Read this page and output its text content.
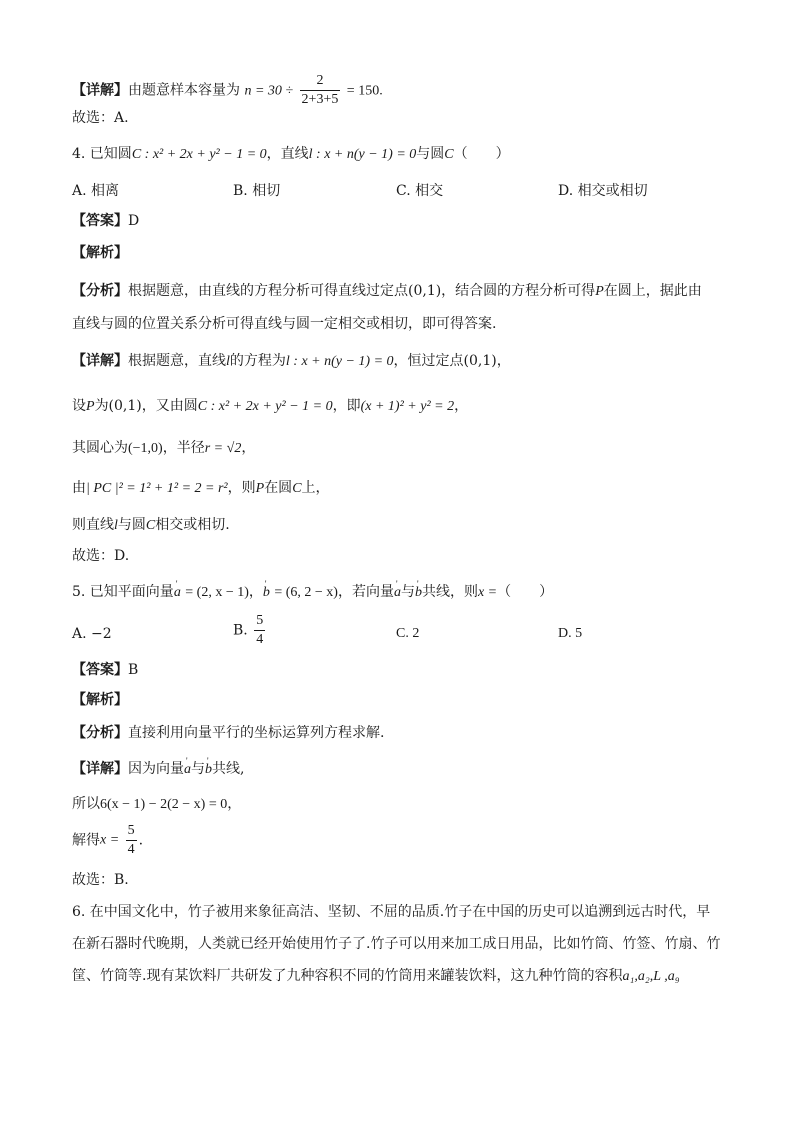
【详解】由题意样本容量为 $n = 30 \div \frac{2}{2+3+5} = 150$.
故选：A.
4. 已知圆C : x² + 2x + y² − 1 = 0，直线l : x + n(y − 1) = 0与圆C（　　）
A. 相离	B. 相切	C. 相交	D. 相交或相切
【答案】D
【解析】
【分析】根据题意，由直线的方程分析可得直线过定点(0,1)，结合圆的方程分析可得P在圆上，据此由
直线与圆的位置关系分析可得直线与圆一定相交或相切，即可得答案.
【详解】根据题意，直线l的方程为l : x + n(y − 1) = 0，恒过定点(0,1)，
设P为(0,1)，又由圆C : x² + 2x + y² − 1 = 0，即(x + 1)² + y² = 2，
其圆心为(−1,0)，半径r = √2，
由| PC |² = 1² + 1² = 2 = r²，则P在圆C上，
则直线l与圆C相交或相切.
故选：D.
5. 已知平面向量' a = (2, x − 1)，' b = (6, 2 − x)，若向量' a与' b共线，则x =（　　）
A. −2	B. $\frac{5}{4}$	C. 2	D. 5
【答案】B
【解析】
【分析】直接利用向量平行的坐标运算列方程求解.
【详解】因为向量' a与' b共线,
所以6(x − 1) − 2(2 − x) = 0，
解得$x = \frac{5}{4}$ .
故选：B.
6. 在中国文化中，竹子被用来象征高洁、坚韧、不屈的品质.竹子在中国的历史可以追溯到远古时代，早
在新石器时代晚期，人类就已经开始使用竹子了.竹子可以用来加工成日用品，比如竹筒、竹签、竹扇、竹
筐、竹筒等.现有某饮料厂共研发了九种容积不同的竹筒用来罐装饮料，这九种竹筒的容积a₁,a₂,L ,a₉
